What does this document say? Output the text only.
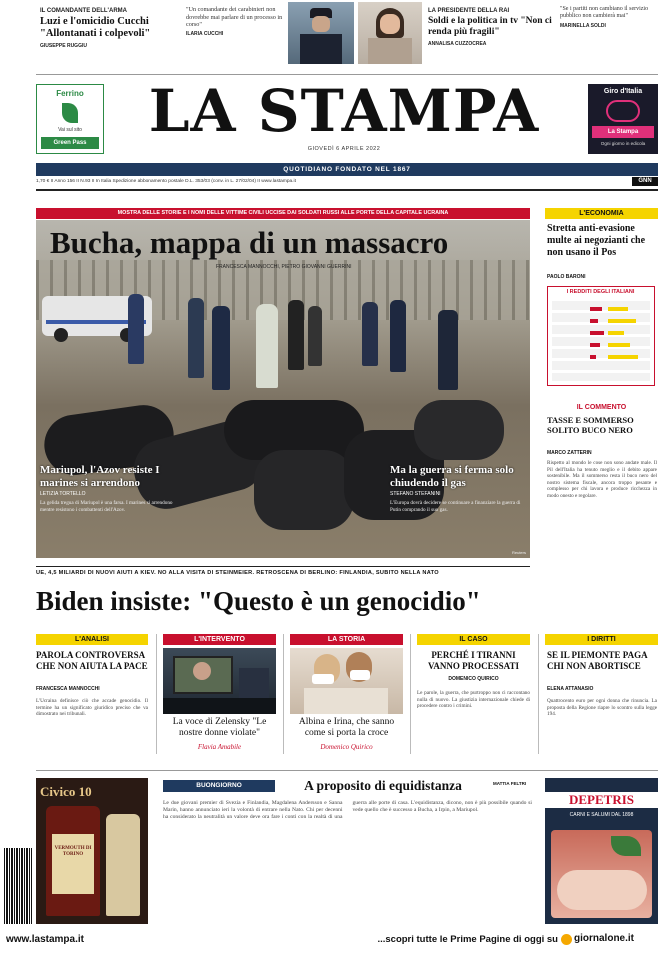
IL COMANDANTE DELL'ARMA
Luzi e l'omicidio Cucchi "Allontanati i colpevoli"
GIUSEPPE RUGGIU
"Un comandante dei carabinieri non dovrebbe mai parlare di un processo in corso"
ILARIA CUCCHI
LA PRESIDENTE DELLA RAI
Soldi e la politica in tv "Non ci renda più fragili"
ANNALISA CUZZOCREA
"Se i partiti non cambiano il servizio pubblico non cambierà mai"
MARINELLA SOLDI
Ferrino
Vai sul sito
Green Pass	LA STAMPA	Giro d'Italia
La Stampa
Ogni giorno in edicola
GIOVEDÌ 6 APRILE 2022
QUOTIDIANO FONDATO NEL 1867
1,70 € II Anno 156 II N.93 II In Italia Spedizione abbonamento postale D.L. 353/03 (conv. in L. 27/02/04) II www.lastampa.it	GNN
MOSTRA DELLE STORIE E I NOMI DELLE VITTIME CIVILI UCCISE DAI SOLDATI RUSSI ALLE PORTE DELLA CAPITALE UCRAINA
Bucha, mappa di un massacro
FRANCESCA MANNOCCHI, PIETRO GIOVANNI GUERRINI
Mariupol, l'Azov resiste I marines si arrendono
LETIZIA TORTELLO
La gelida tregua di Mariupol è una farsa. I marines si arrendono mentre resistono i combattenti dell'Azov.
Ma la guerra si ferma solo chiudendo il gas
STEFANO STEFANINI
L'Europa dovrà decidere se continuare a finanziare la guerra di Putin comprando il suo gas.
Reuters
L'ECONOMIA
Stretta anti-evasione multe ai negozianti che non usano il Pos
PAOLO BARONI
I REDDITI DEGLI ITALIANI
IL COMMENTO
TASSE E SOMMERSO SOLITO BUCO NERO
MARCO ZATTERIN
Rispetto al mondo le cose non sono andate male. Il Pil dell'Italia ha tenuto meglio e il debito appare sostenibile. Ma il sommerso resta il buco nero del nostro sistema fiscale, ancora troppo pesante e complesso per chi lavora e produce ricchezza in modo onesto e regolare.
UE, 4,5 MILIARDI DI NUOVI AIUTI A KIEV. NO ALLA VISITA DI STEINMEIER. RETROSCENA DI BERLINO: FINLANDIA, SUBITO NELLA NATO
Biden insiste: "Questo è un genocidio"
L'ANALISI
PAROLA CONTROVERSA CHE NON AIUTA LA PACE
FRANCESCA MANNOCCHI
L'Ucraina definisce ciò che accade genocidio. Il termine ha un significato giuridico preciso che va dimostrato nei tribunali.
L'INTERVENTO
La voce di Zelensky "Le nostre donne violate"
Flavia Amabile
LA STORIA
Albina e Irina, che sanno come si porta la croce
Domenico Quirico
IL CASO
PERCHÉ I TIRANNI VANNO PROCESSATI
DOMENICO QUIRICO
Le parole, la guerra, che purtroppo non ci raccontano nulla di nuovo. La giustizia internazionale chiede di procedere contro i crimini.
I DIRITTI
SE IL PIEMONTE PAGA CHI NON ABORTISCE
ELENA ATTANASIO
Quattrocento euro per ogni donna che rinuncia. La proposta della Regione riapre lo scontro sulla legge 194.
Civico 10
VERMOUTH DI TORINO
BUONGIORNO	A proposito di equidistanza	MATTIA FELTRI
Le due giovani premier di Svezia e Finlandia, Magdalena Andersson e Sanna Marin, hanno annunciato ieri la volontà di entrare nella Nato. Chi per decenni ha considerato la neutralità un valore deve ora fare i conti con la realtà di una guerra alle porte di casa. L'equidistanza, dicono, non è più possibile quando si vede quello che è successo a Bucha, a Irpin, a Mariupol.
DEPETRIS
CARNI E SALUMI DAL 1898
www.lastampa.it	...scopri tutte le Prime Pagine di oggi su giornalone.it
